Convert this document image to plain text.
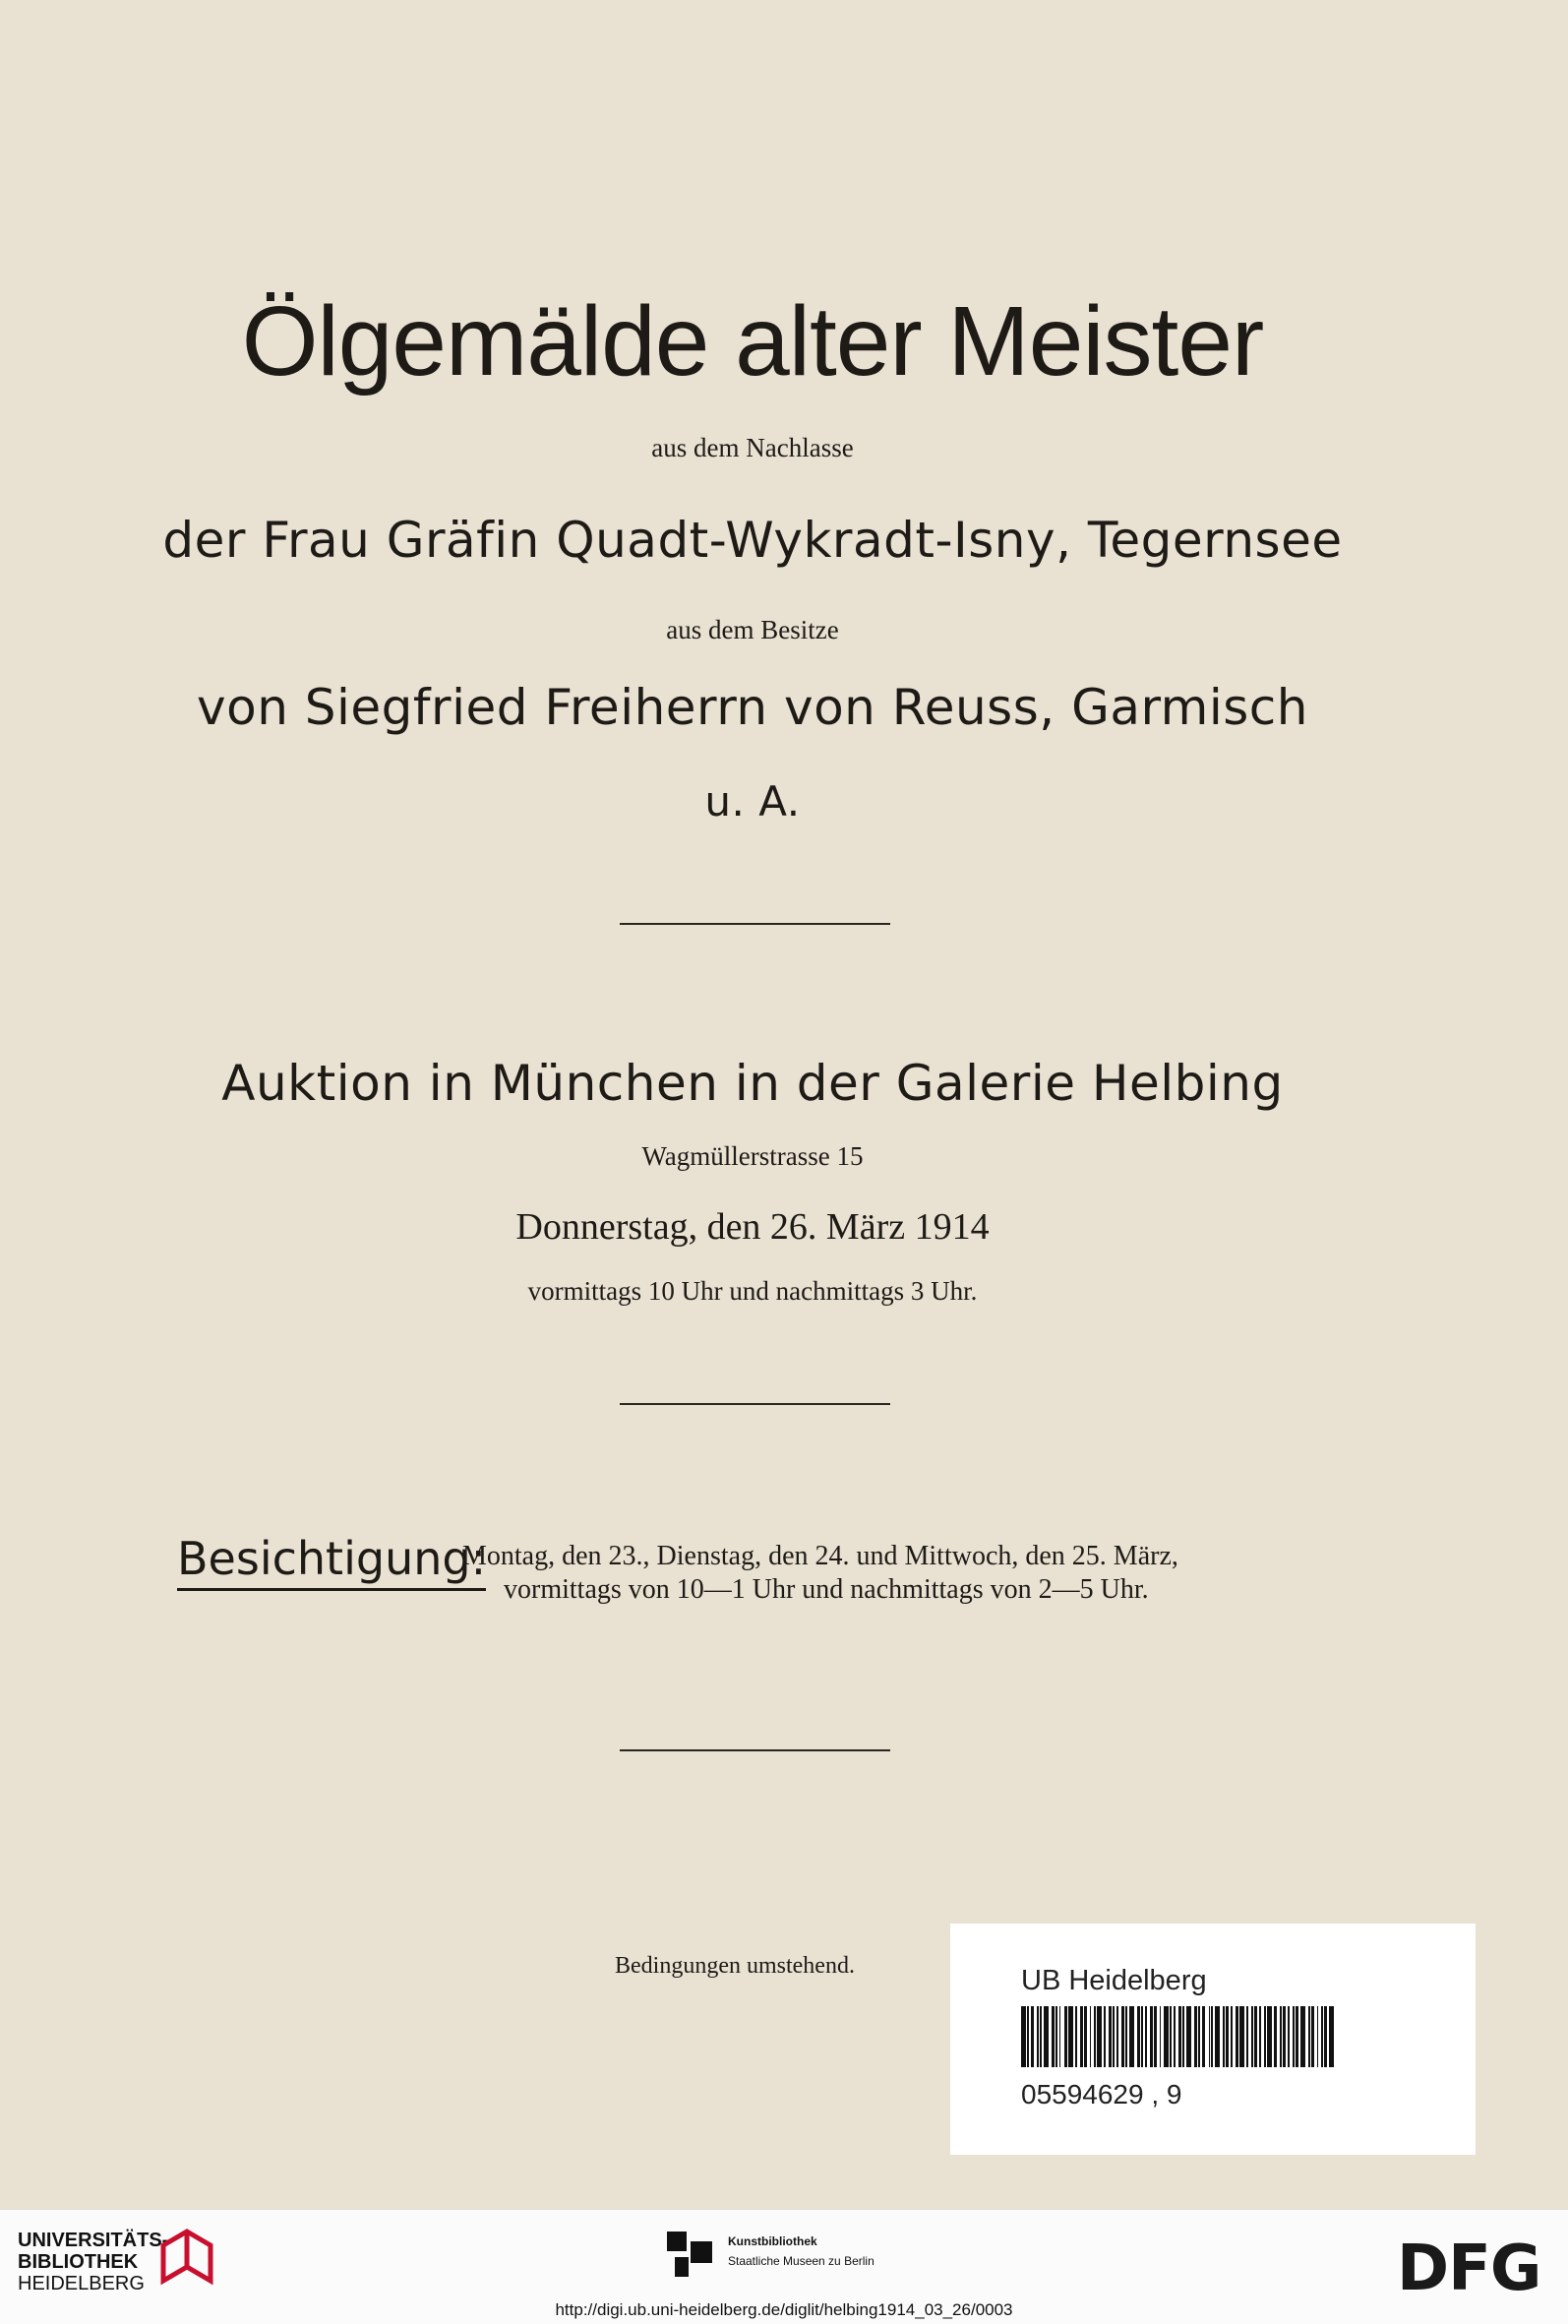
Ölgemälde alter Meister
aus dem Nachlasse
der Frau Gräfin Quadt-Wykradt-Isny, Tegernsee
aus dem Besitze
von Siegfried Freiherrn von Reuss, Garmisch
u. A.
Auktion in München in der Galerie Helbing
Wagmüllerstrasse 15
Donnerstag, den 26. März 1914
vormittags 10 Uhr und nachmittags 3 Uhr.
Besichtigung:
Montag, den 23., Dienstag, den 24. und Mittwoch, den 25. März,
vormittags von 10—1 Uhr und nachmittags von 2—5 Uhr.
Bedingungen umstehend.	UB Heidelberg
05594629 , 9
UNIVERSITÄTS-
BIBLIOTHEK
HEIDELBERG
Kunstbibliothek
Staatliche Museen zu Berlin	DFG
http://digi.ub.uni-heidelberg.de/diglit/helbing1914_03_26/0003
